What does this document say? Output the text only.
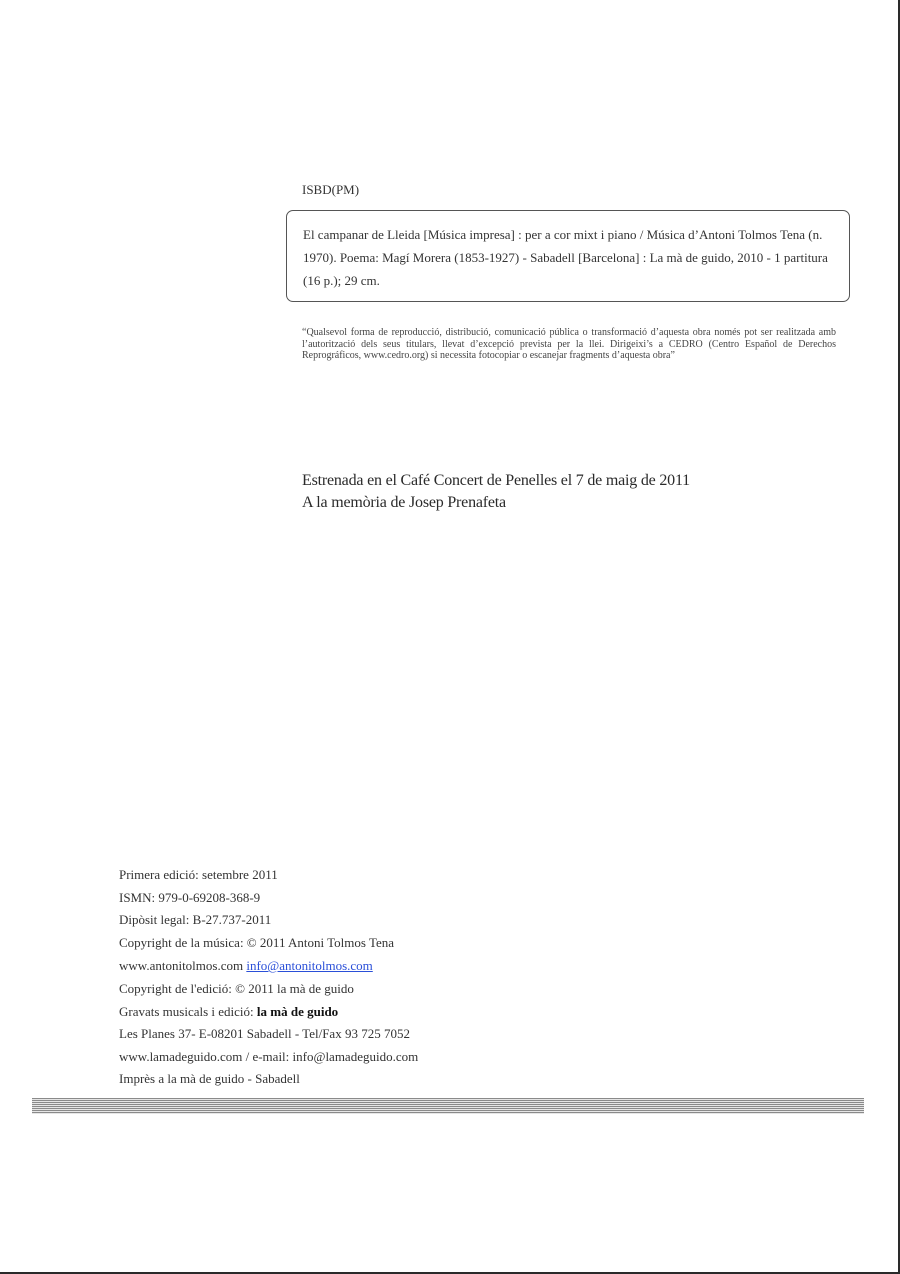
ISBD(PM)
El campanar de Lleida [Música impresa] : per a cor mixt i piano / Música d’Antoni Tolmos Tena (n. 1970). Poema: Magí Morera (1853-1927) - Sabadell [Barcelona] : La mà de guido, 2010 - 1 partitura (16 p.); 29 cm.
“Qualsevol forma de reproducció, distribució, comunicació pública o transformació d’aquesta obra només pot ser realitzada amb l’autorització dels seus titulars, llevat d’excepció prevista per la llei. Dirigeixi’s a CEDRO (Centro Español de Derechos Reprográficos, www.cedro.org) si necessita fotocopiar o escanejar fragments d’aquesta obra”
Estrenada en el Café Concert de Penelles el 7 de maig de 2011
A la memòria de Josep Prenafeta
Primera edició: setembre 2011
ISMN: 979-0-69208-368-9
Dipòsit legal: B-27.737-2011
Copyright de la música: © 2011 Antoni Tolmos Tena
www.antonitolmos.com info@antonitolmos.com
Copyright de l'edició: © 2011 la mà de guido
Gravats musicals i edició: la mà de guido
Les Planes 37- E-08201 Sabadell - Tel/Fax 93 725 7052
www.lamadeguido.com / e-mail: info@lamadeguido.com
Imprès a la mà de guido - Sabadell
